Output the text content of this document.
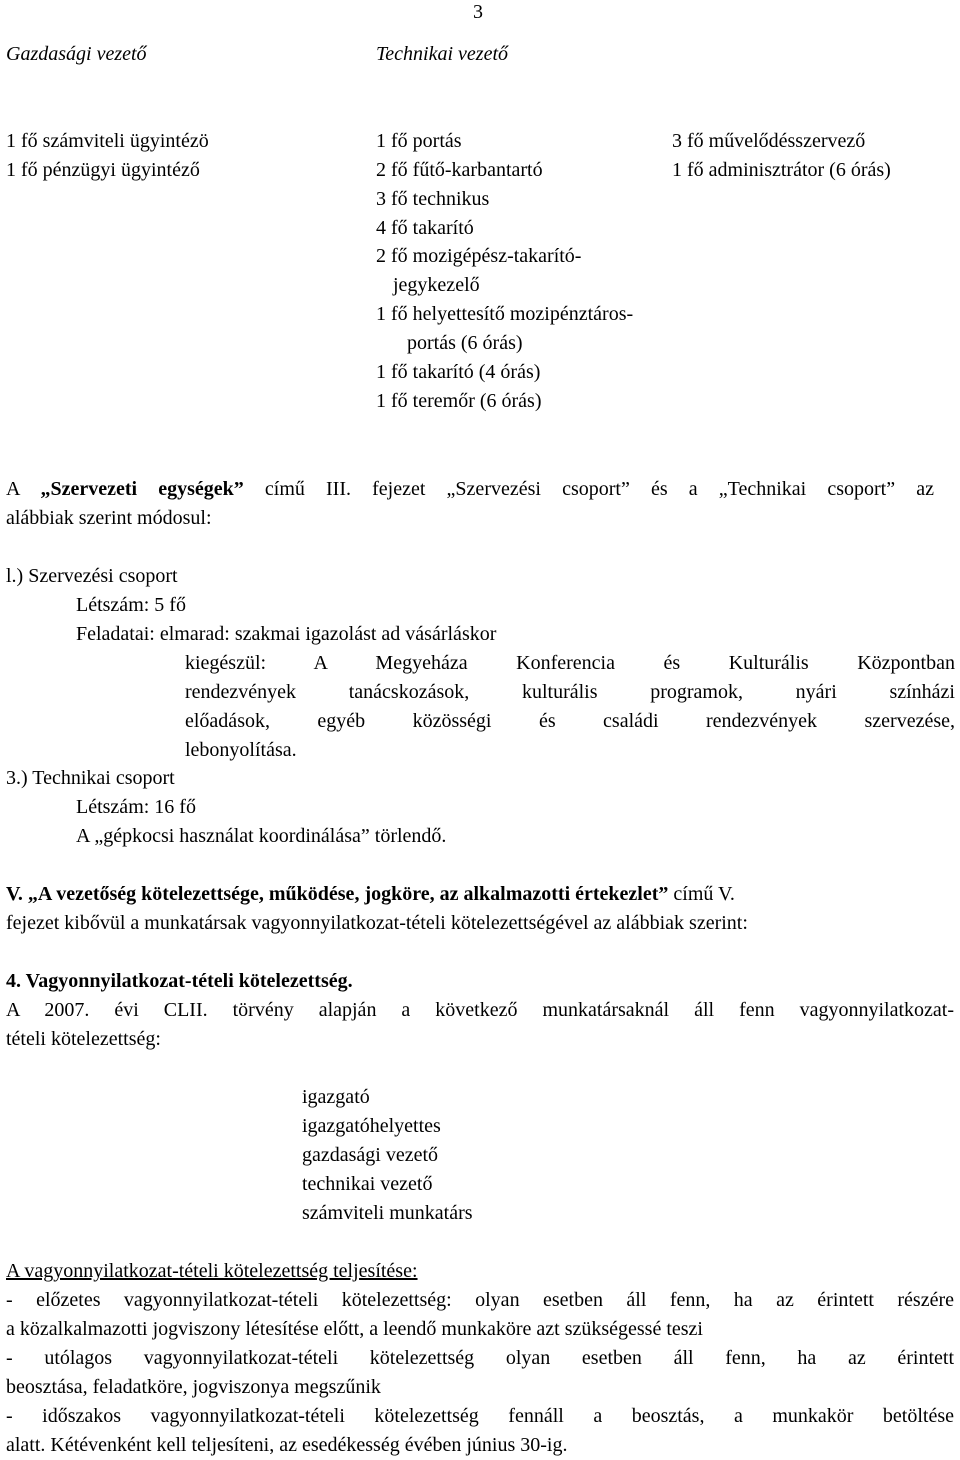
3
Gazdasági vezető	Technikai vezető
1 fő számviteli ügyintézö
1 fő pénzügyi ügyintéző
1 fő portás
2 fő fűtő-karbantartó
3 fő technikus
4 fő takarító
2 fő mozigépész-takarító-
jegykezelő
1 fő helyettesítő mozipénztáros-
portás (6 órás)
1 fő takarító (4 órás)
1 fő teremőr (6 órás)
3 fő művelődésszervező
1 fő adminisztrátor (6 órás)
A „Szervezeti egységek” című III. fejezet „Szervezési csoport” és a „Technikai csoport” az
alábbiak szerint módosul:
l.) Szervezési csoport
Létszám: 5 fő
Feladatai: elmarad: szakmai igazolást ad vásárláskor
kiegészül: A Megyeháza Konferencia és Kulturális Központban
rendezvények tanácskozások, kulturális programok, nyári színházi
előadások, egyéb közösségi és családi rendezvények szervezése,
lebonyolítása.
3.) Technikai csoport
Létszám: 16 fő
A „gépkocsi használat koordinálása” törlendő.
V. „A vezetőség kötelezettsége, működése, jogköre, az alkalmazotti értekezlet” című V.
fejezet kibővül a munkatársak vagyonnyilatkozat-tételi kötelezettségével az alábbiak szerint:
4. Vagyonnyilatkozat-tételi kötelezettség.
A 2007. évi CLII. törvény alapján a következő munkatársaknál áll fenn vagyonnyilatkozat-
tételi kötelezettség:
igazgató
igazgatóhelyettes
gazdasági vezető
technikai vezető
számviteli munkatárs
A vagyonnyilatkozat-tételi kötelezettség teljesítése:
- előzetes vagyonnyilatkozat-tételi kötelezettség: olyan esetben áll fenn, ha az érintett részére
a közalkalmazotti jogviszony létesítése előtt, a leendő munkaköre azt szükségessé teszi
- utólagos vagyonnyilatkozat-tételi kötelezettség olyan esetben áll fenn, ha az érintett
beosztása, feladatköre, jogviszonya megszűnik
- időszakos vagyonnyilatkozat-tételi kötelezettség fennáll a beosztás, a munkakör betöltése
alatt. Kétévenként kell teljesíteni, az esedékesség évében június 30-ig.
